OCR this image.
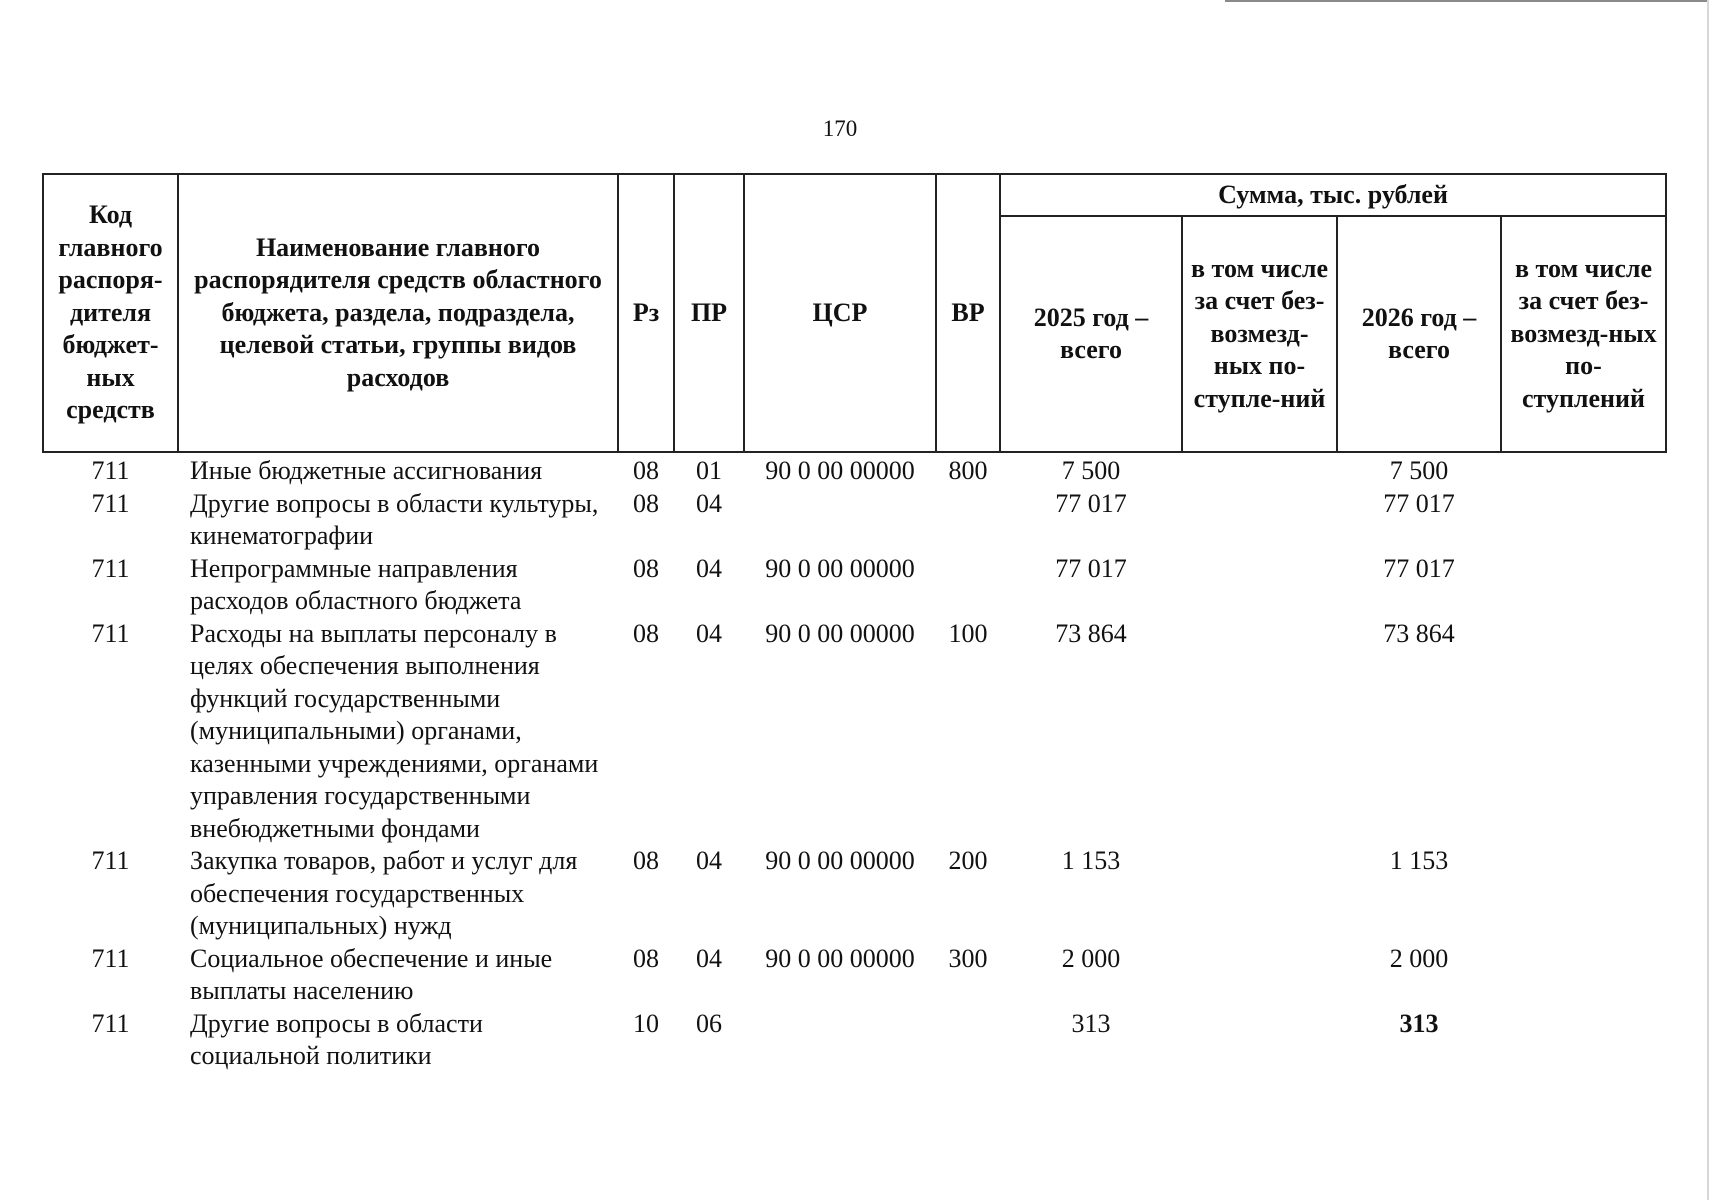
170
Код главного распоря-дителя бюджет-ных средств	Наименование главного распорядителя средств областного бюджета, раздела, подраздела, целевой статьи, группы видов расходов	Рз	ПР	ЦСР	ВР	Сумма, тыс. рублей			
						2025 год – всего	в том числе за счет без-возмезд-ных по-ступле-ний	2026 год – всего	в том числе за счет без-возмезд-ных по-ступлений
711	Иные бюджетные ассигнования	08	01	90 0 00 00000	800	7 500		7 500	
711	Другие вопросы в области культуры, кинематографии	08	04			77 017		77 017	
711	Непрограммные направления расходов областного бюджета	08	04	90 0 00 00000		77 017		77 017	
711	Расходы на выплаты персоналу в целях обеспечения выполнения функций государственными (муниципальными) органами, казенными учреждениями, органами управления государственными внебюджетными фондами	08	04	90 0 00 00000	100	73 864		73 864	
711	Закупка товаров, работ и услуг для обеспечения государственных (муниципальных) нужд	08	04	90 0 00 00000	200	1 153		1 153	
711	Социальное обеспечение и иные выплаты населению	08	04	90 0 00 00000	300	2 000		2 000	
711	Другие вопросы в области социальной политики	10	06			313		313	
